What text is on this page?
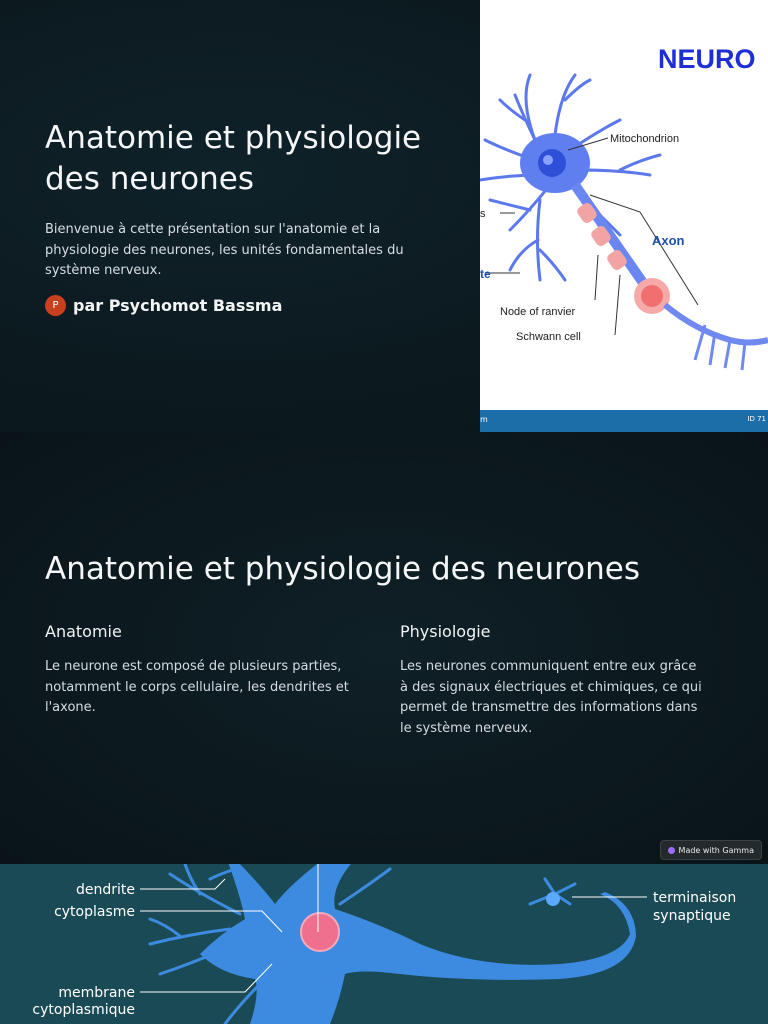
Anatomie et physiologie des neurones

Bienvenue à cette présentation sur l'anatomie et la physiologie des neurones, les unités fondamentales du système nerveux.

P par Psychomot Bassma
NEURO
Mitochondrion
Axon
Node of ranvier
Schwann cell
s
te
m	ID 71
Anatomie et physiologie des neurones
Anatomie

Le neurone est composé de plusieurs parties, notamment le corps cellulaire, les dendrites et l'axone.

Physiologie

Les neurones communiquent entre eux grâce à des signaux électriques et chimiques, ce qui permet de transmettre des informations dans le système nerveux.

Made with Gamma
dendrite
cytoplasme
membrane
cytoplasmique
terminaison
synaptique
